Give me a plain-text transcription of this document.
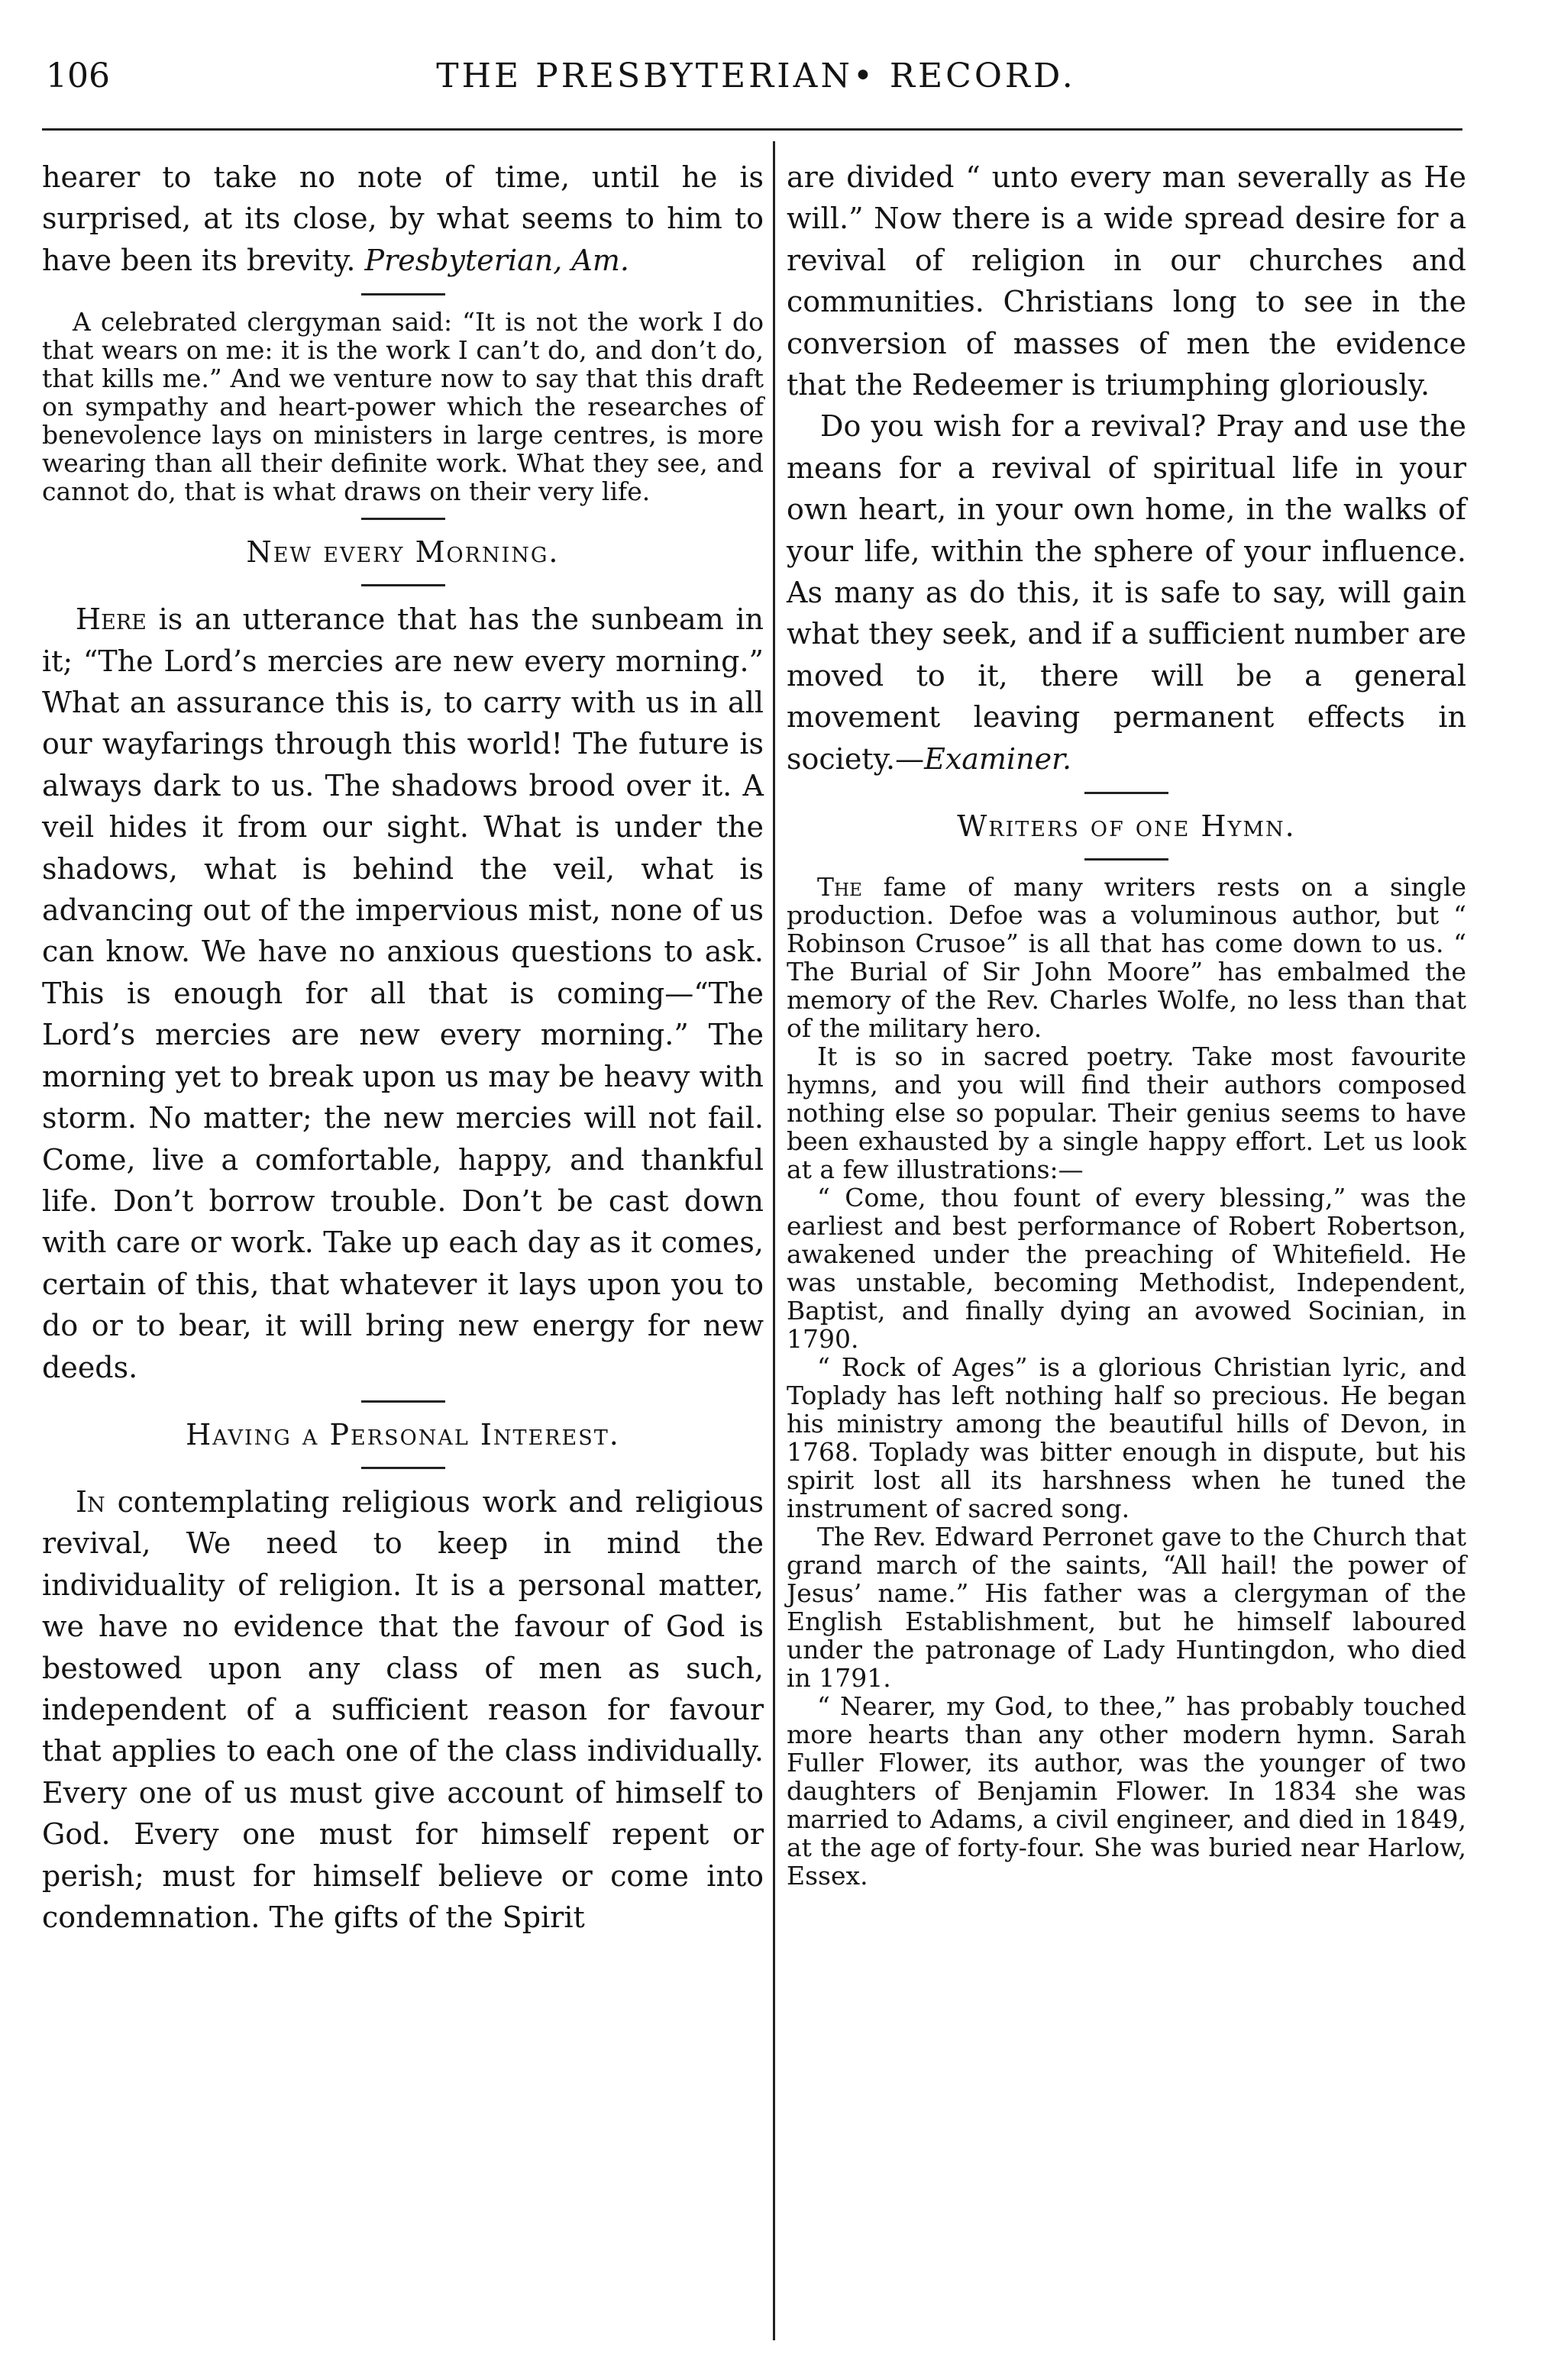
106	THE PRESBYTERIAN• RECORD.

hearer to take no note of time, until he is surprised, at its close, by what seems to him to have been its brevity. Presbyterian, Am.

A celebrated clergyman said: “It is not the work I do that wears on me: it is the work I can’t do, and don’t do, that kills me.” And we venture now to say that this draft on sympathy and heart-power which the researches of benevolence lays on ministers in large centres, is more wearing than all their definite work. What they see, and cannot do, that is what draws on their very life.

New every Morning.

Here is an utterance that has the sunbeam in it; “The Lord’s mercies are new every morning.” What an assurance this is, to carry with us in all our wayfarings through this world! The future is always dark to us. The shadows brood over it. A veil hides it from our sight. What is under the shadows, what is behind the veil, what is advancing out of the impervious mist, none of us can know. We have no anxious questions to ask. This is enough for all that is coming—“The Lord’s mercies are new every morning.” The morning yet to break upon us may be heavy with storm. No matter; the new mercies will not fail. Come, live a comfortable, happy, and thankful life. Don’t borrow trouble. Don’t be cast down with care or work. Take up each day as it comes, certain of this, that whatever it lays upon you to do or to bear, it will bring new energy for new deeds.

Having a Personal Interest.

In contemplating religious work and religious revival, We need to keep in mind the individuality of religion. It is a personal matter, we have no evidence that the favour of God is bestowed upon any class of men as such, independent of a sufficient reason for favour that applies to each one of the class individually. Every one of us must give account of himself to God. Every one must for himself repent or perish; must for himself believe or come into condemnation. The gifts of the Spirit

are divided “ unto every man severally as He will.” Now there is a wide spread desire for a revival of religion in our churches and communities. Christians long to see in the conversion of masses of men the evidence that the Redeemer is triumphing gloriously.

Do you wish for a revival? Pray and use the means for a revival of spiritual life in your own heart, in your own home, in the walks of your life, within the sphere of your influence. As many as do this, it is safe to say, will gain what they seek, and if a sufficient number are moved to it, there will be a general movement leaving permanent effects in society.—Examiner.

Writers of one Hymn.

The fame of many writers rests on a single production. Defoe was a voluminous author, but “ Robinson Crusoe” is all that has come down to us. “ The Burial of Sir John Moore” has embalmed the memory of the Rev. Charles Wolfe, no less than that of the military hero.

It is so in sacred poetry. Take most favourite hymns, and you will find their authors composed nothing else so popular. Their genius seems to have been exhausted by a single happy effort. Let us look at a few illustrations:—

“ Come, thou fount of every blessing,” was the earliest and best performance of Robert Robertson, awakened under the preaching of Whitefield. He was unstable, becoming Methodist, Independent, Baptist, and finally dying an avowed Socinian, in 1790.

“ Rock of Ages” is a glorious Christian lyric, and Toplady has left nothing half so precious. He began his ministry among the beautiful hills of Devon, in 1768. Toplady was bitter enough in dispute, but his spirit lost all its harshness when he tuned the instrument of sacred song.

The Rev. Edward Perronet gave to the Church that grand march of the saints, “All hail! the power of Jesus’ name.” His father was a clergyman of the English Establishment, but he himself laboured under the patronage of Lady Huntingdon, who died in 1791.

“ Nearer, my God, to thee,” has probably touched more hearts than any other modern hymn. Sarah Fuller Flower, its author, was the younger of two daughters of Benjamin Flower. In 1834 she was married to Adams, a civil engineer, and died in 1849, at the age of forty-four. She was buried near Harlow, Essex.
